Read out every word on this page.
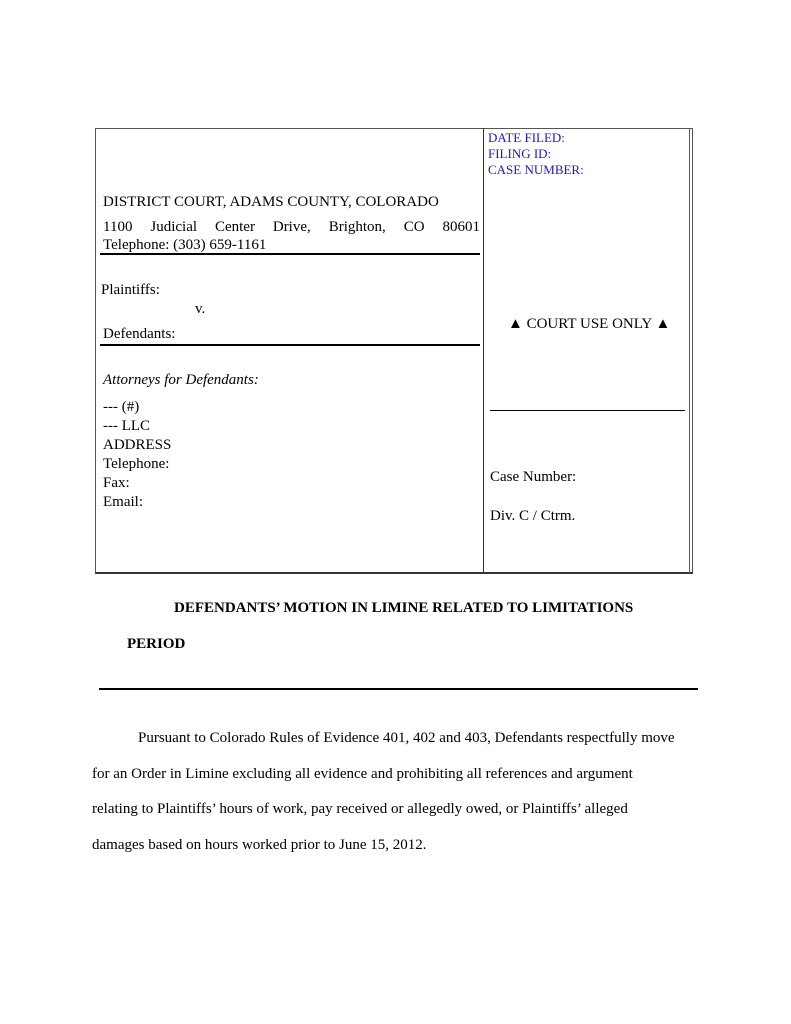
DATE FILED:
FILING ID:
CASE NUMBER:
DISTRICT COURT, ADAMS COUNTY, COLORADO
1100 Judicial Center Drive, Brighton, CO 80601
Telephone: (303) 659-1161
Plaintiffs:
v.
Defendants:
Attorneys for Defendants:
--- (#)
--- LLC
ADDRESS
Telephone:
Fax:
Email:
▲ COURT USE ONLY ▲
Case Number:
Div. C / Ctrm.
DEFENDANTS’ MOTION IN LIMINE RELATED TO LIMITATIONS
PERIOD
Pursuant to Colorado Rules of Evidence 401, 402 and 403, Defendants respectfully move
for an Order in Limine excluding all evidence and prohibiting all references and argument
relating to Plaintiffs’ hours of work, pay received or allegedly owed, or Plaintiffs’ alleged
damages based on hours worked prior to June 15, 2012.
